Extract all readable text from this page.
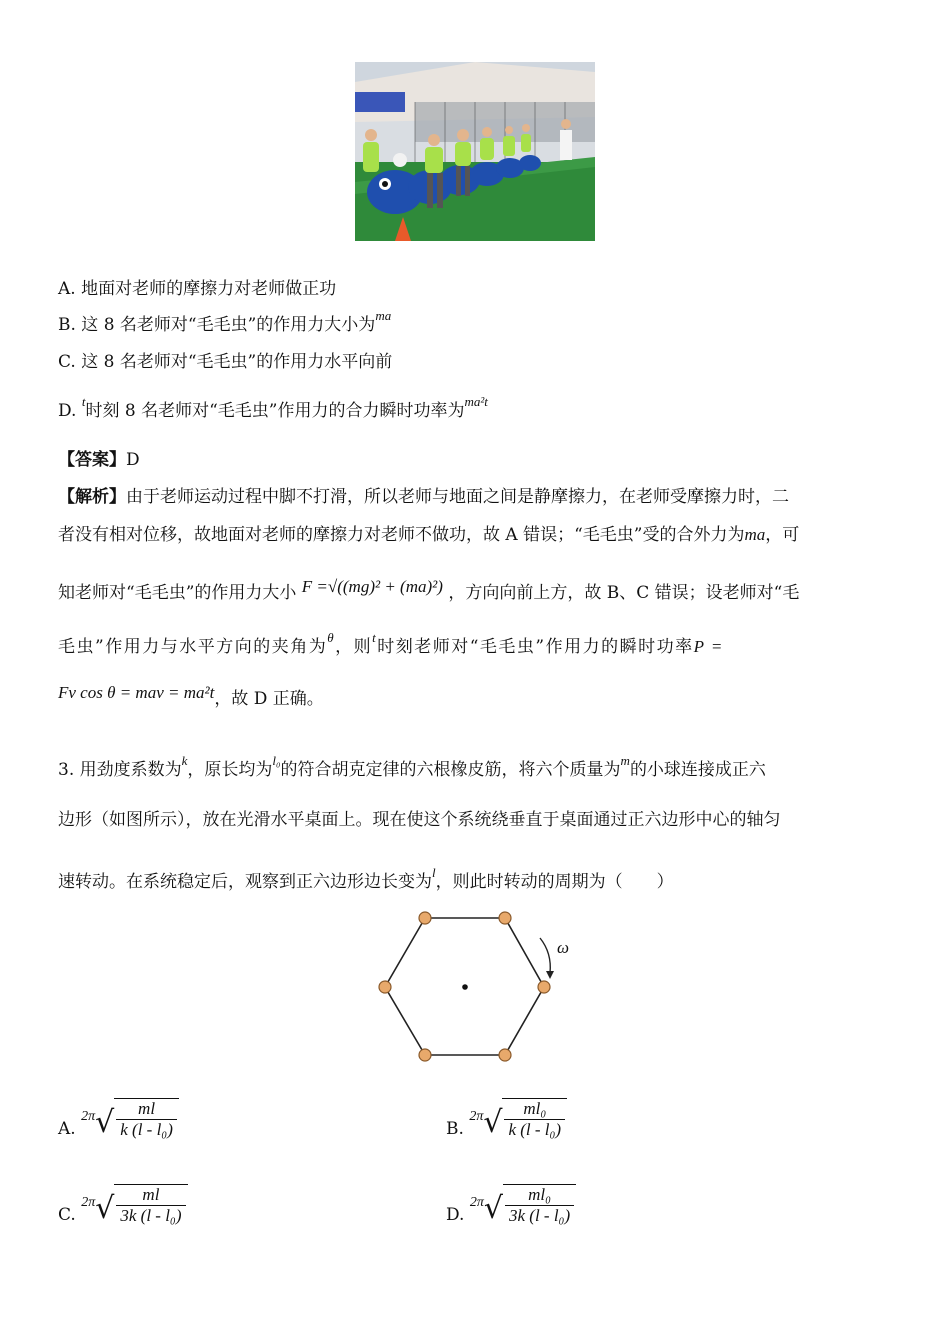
A. 地面对老师的摩擦力对老师做正功
B. 这 8 名老师对“毛毛虫”的作用力大小为$^{ma}$
C. 这 8 名老师对“毛毛虫”的作用力水平向前
D. $^t$时刻 8 名老师对“毛毛虫”作用力的合力瞬时功率为$^{ma^2t}$
【答案】D
【解析】由于老师运动过程中脚不打滑，所以老师与地面之间是静摩擦力，在老师受摩擦力时，二
者没有相对位移，故地面对老师的摩擦力对老师不做功，故 A 错误；“毛毛虫”受的合外力为ma，可
知老师对“毛毛虫”的作用力大小 F =√((mg)² + (ma)²) ，方向向前上方，故 B、C 错误；设老师对“毛
毛虫”作用力与水平方向的夹角为$^\theta$，则$^t$时刻老师对“毛毛虫”作用力的瞬时功率P =
Fv cos θ = mav = ma²t，故 D 正确。
3. 用劲度系数为$^k$，原长均为$^{l_0}$的符合胡克定律的六根橡皮筋，将六个质量为$^m$的小球连接成正六
边形（如图所示），放在光滑水平桌面上。现在使这个系统绕垂直于桌面通过正六边形中心的轴匀
速转动。在系统稳定后，观察到正六边形边长变为$^l$，则此时转动的周期为（　　）
ω
A. $^{2\pi}√ \frac{ml}{\text{k (l - l₀)}}$	B. $^{2\pi}√ \frac{\text{ml₀}}{\text{k (l - l₀)}}$
C. $^{2\pi}√ \frac{ml}{\text{3k (l - l₀)}}$	D. $^{2\pi}√ \frac{\text{ml₀}}{\text{3k (l - l₀)}}$
